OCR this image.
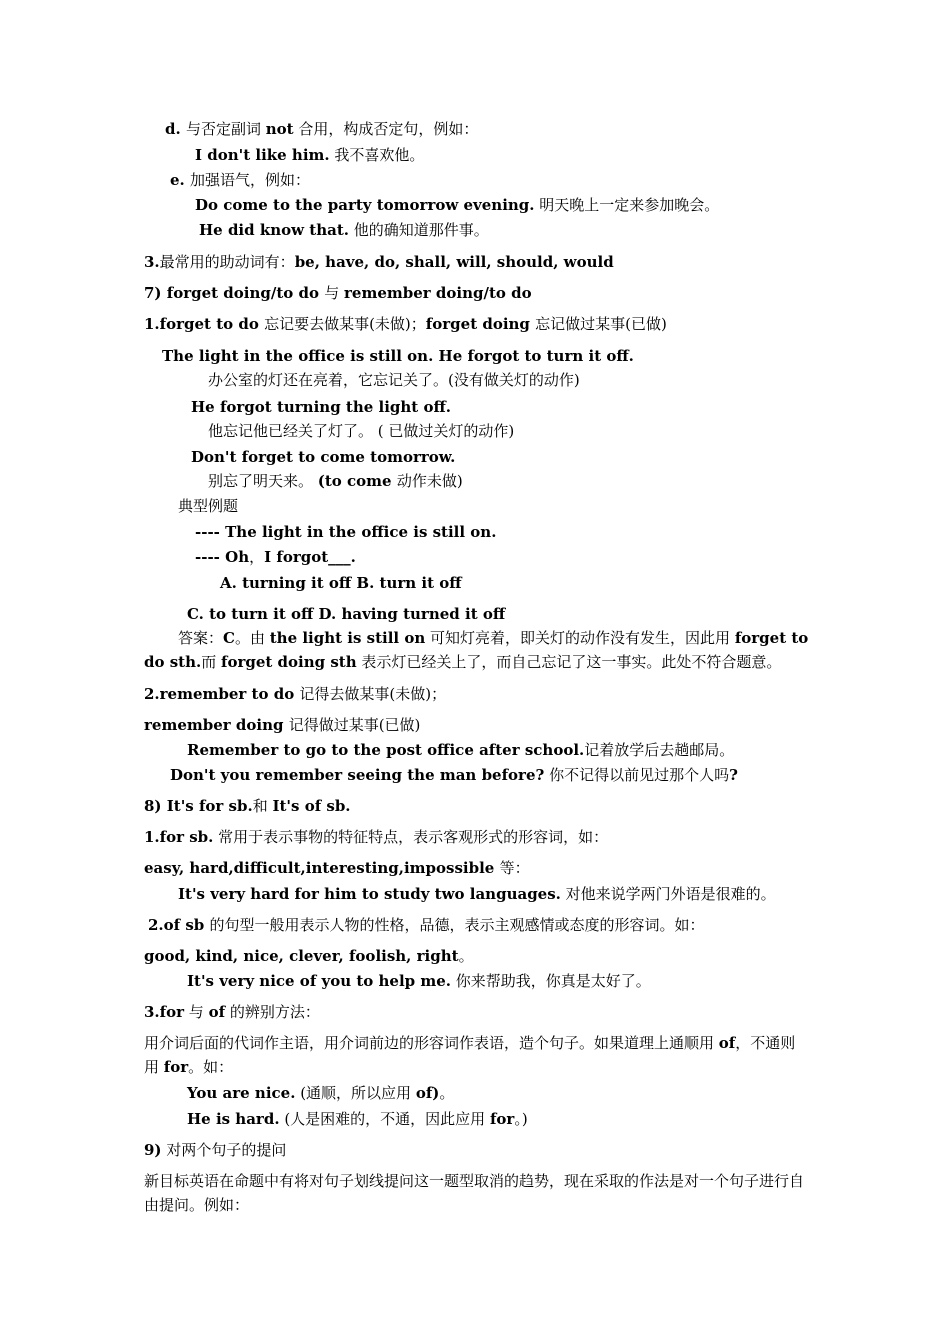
d. 与否定副词 not 合用，构成否定句，例如：
I don't like him. 我不喜欢他。
e. 加强语气，例如：
Do come to the party tomorrow evening. 明天晚上一定来参加晚会。
He did know that. 他的确知道那件事。
3.最常用的助动词有：be, have, do, shall, will, should, would
7) forget doing/to do 与 remember doing/to do
1.forget to do 忘记要去做某事(未做)；forget doing 忘记做过某事(已做)
The light in the office is still on. He forgot to turn it off.
办公室的灯还在亮着，它忘记关了。(没有做关灯的动作)
He forgot turning the light off.
他忘记他已经关了灯了。 ( 已做过关灯的动作)
Don't forget to come tomorrow.
别忘了明天来。 (to come 动作未做)
典型例题
---- The light in the office is still on.
---- Oh，I forgot___.
A. turning it off B. turn it off
C. to turn it off D. having turned it off
答案：C。由 the light is still on 可知灯亮着，即关灯的动作没有发生，因此用 forget to do sth.而 forget doing sth 表示灯已经关上了，而自己忘记了这一事实。此处不符合题意。
2.remember to do 记得去做某事(未做)；
remember doing 记得做过某事(已做)
Remember to go to the post office after school.记着放学后去趟邮局。
Don't you remember seeing the man before? 你不记得以前见过那个人吗?
8) It's for sb.和 It's of sb.
1.for sb. 常用于表示事物的特征特点，表示客观形式的形容词，如：
easy, hard,difficult,interesting,impossible 等：
It's very hard for him to study two languages. 对他来说学两门外语是很难的。
2.of sb 的句型一般用表示人物的性格，品德，表示主观感情或态度的形容词。如：
good, kind, nice, clever, foolish, right。
It's very nice of you to help me. 你来帮助我，你真是太好了。
3.for 与 of 的辨别方法：
用介词后面的代词作主语，用介词前边的形容词作表语，造个句子。如果道理上通顺用 of，不通则用 for。如：
You are nice. (通顺，所以应用 of)。
He is hard. (人是困难的，不通，因此应用 for。)
9) 对两个句子的提问
新目标英语在命题中有将对句子划线提问这一题型取消的趋势，现在采取的作法是对一个句子进行自由提问。例如：
